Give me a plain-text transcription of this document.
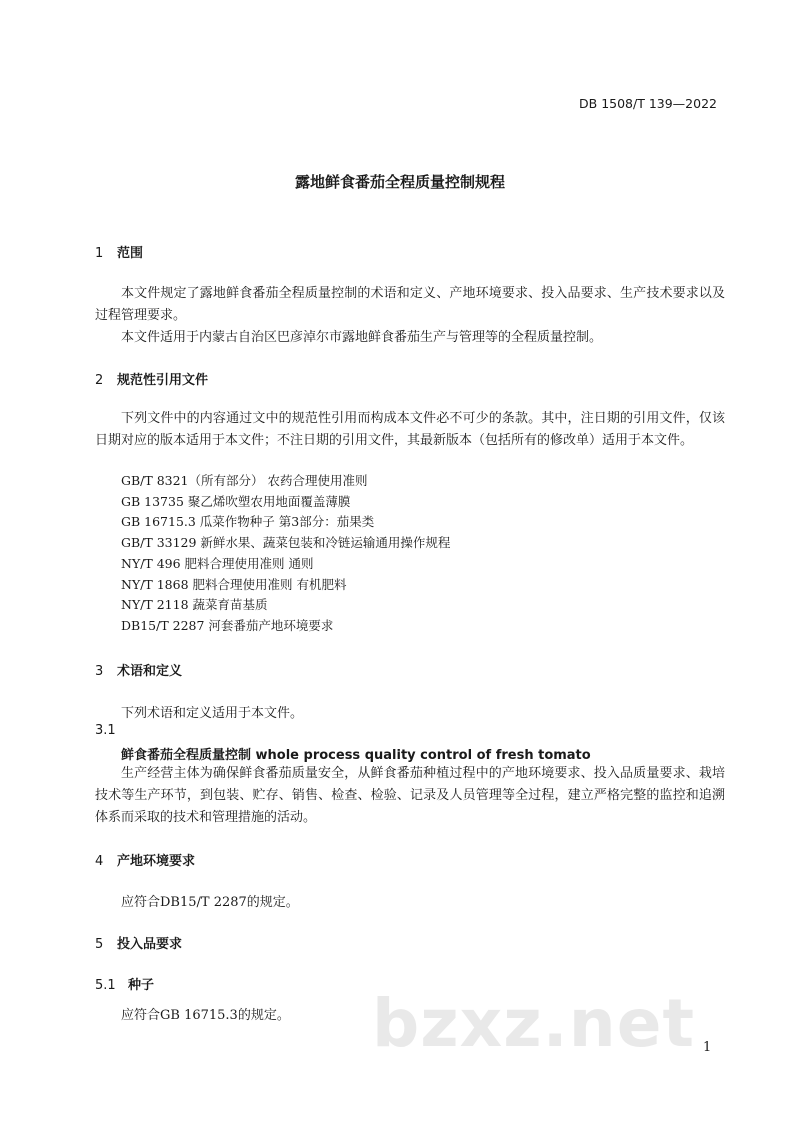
DB 1508/T 139—2022
露地鲜食番茄全程质量控制规程
1 范围

本文件规定了露地鲜食番茄全程质量控制的术语和定义、产地环境要求、投入品要求、生产技术要求以及过程管理要求。

本文件适用于内蒙古自治区巴彦淖尔市露地鲜食番茄生产与管理等的全程质量控制。

2 规范性引用文件

下列文件中的内容通过文中的规范性引用而构成本文件必不可少的条款。其中，注日期的引用文件，仅该日期对应的版本适用于本文件；不注日期的引用文件，其最新版本（包括所有的修改单）适用于本文件。

GB/T 8321（所有部分） 农药合理使用准则
GB 13735 聚乙烯吹塑农用地面覆盖薄膜
GB 16715.3 瓜菜作物种子 第3部分：茄果类
GB/T 33129 新鲜水果、蔬菜包装和冷链运输通用操作规程
NY/T 496 肥料合理使用准则 通则
NY/T 1868 肥料合理使用准则 有机肥料
NY/T 2118 蔬菜育苗基质
DB15/T 2287 河套番茄产地环境要求
3 术语和定义
下列术语和定义适用于本文件。
3.1
鲜食番茄全程质量控制 whole process quality control of fresh tomato

生产经营主体为确保鲜食番茄质量安全，从鲜食番茄种植过程中的产地环境要求、投入品质量要求、栽培技术等生产环节，到包装、贮存、销售、检查、检验、记录及人员管理等全过程，建立严格完整的监控和追溯体系而采取的技术和管理措施的活动。

4 产地环境要求
应符合DB15/T 2287的规定。
5 投入品要求
5.1 种子
应符合GB 16715.3的规定。 bzxz.net 1
